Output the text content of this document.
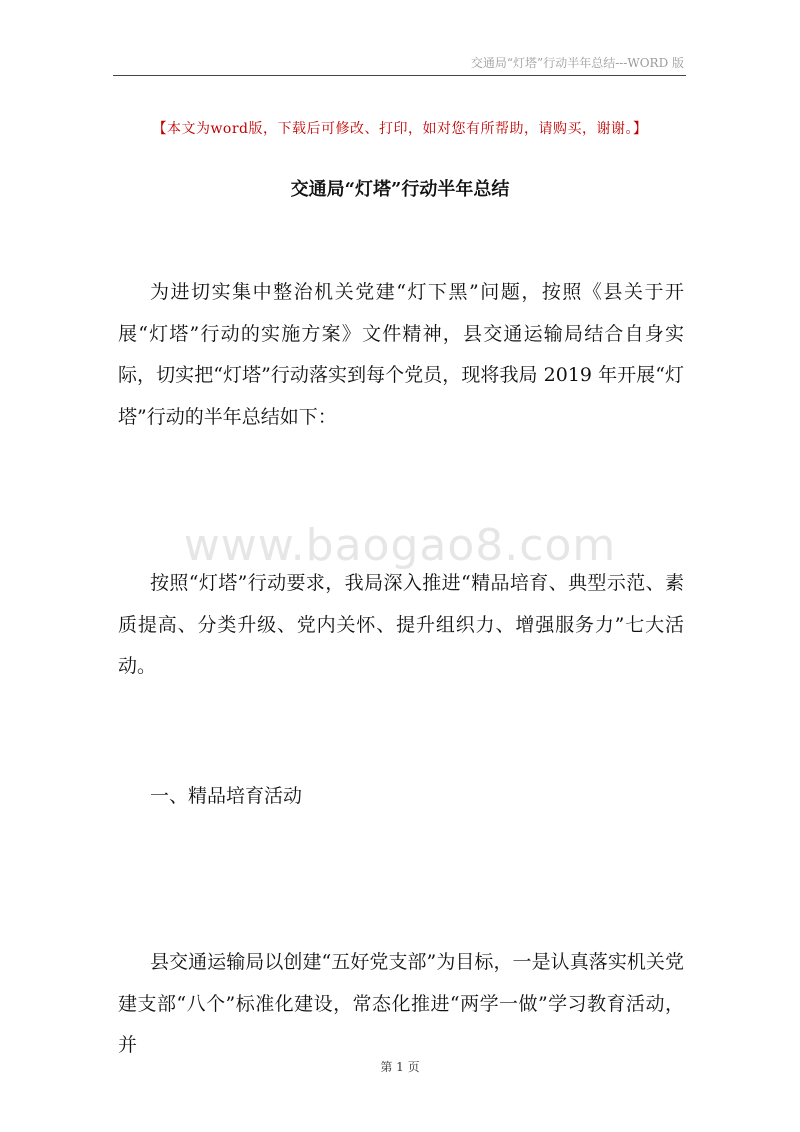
交通局“灯塔”行动半年总结---WORD 版
【本文为word版，下载后可修改、打印，如对您有所帮助，请购买，谢谢。】
交通局“灯塔”行动半年总结

为进切实集中整治机关党建“灯下黑”问题，按照《县关于开展“灯塔”行动的实施方案》文件精神，县交通运输局结合自身实际，切实把“灯塔”行动落实到每个党员，现将我局 2019 年开展“灯塔”行动的半年总结如下：

www.baogao8.com

按照“灯塔”行动要求，我局深入推进“精品培育、典型示范、素质提高、分类升级、党内关怀、提升组织力、增强服务力”七大活动。

一、精品培育活动

县交通运输局以创建“五好党支部”为目标，一是认真落实机关党建支部“八个”标准化建设，常态化推进“两学一做”学习教育活动，并

第 1 页
